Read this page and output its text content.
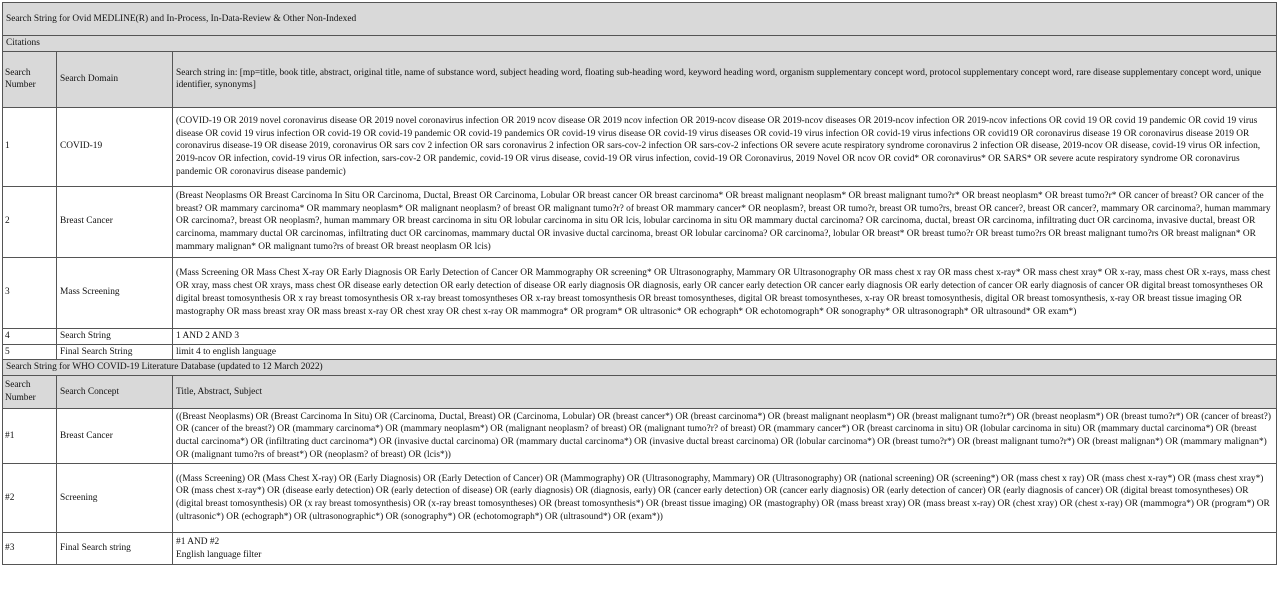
Search String for Ovid MEDLINE(R) and In-Process, In-Data-Review & Other Non-Indexed		
Citations		
Search Number	Search Domain	Search string in: [mp=title, book title, abstract, original title, name of substance word, subject heading word, floating sub-heading word, keyword heading word, organism supplementary concept word, protocol supplementary concept word, rare disease supplementary concept word, unique identifier, synonyms]
1	COVID-19	(COVID-19 OR 2019 novel coronavirus disease OR 2019 novel coronavirus infection OR 2019 ncov disease OR 2019 ncov infection OR 2019-ncov disease OR 2019-ncov diseases OR 2019-ncov infection OR 2019-ncov infections OR covid 19 OR covid 19 pandemic OR covid 19 virus disease OR covid 19 virus infection OR covid-19 OR covid-19 pandemic OR covid-19 pandemics OR covid-19 virus disease OR covid-19 virus diseases OR covid-19 virus infection OR covid-19 virus infections OR covid19 OR coronavirus disease 19 OR coronavirus disease 2019 OR coronavirus disease-19 OR disease 2019, coronavirus OR sars cov 2 infection OR sars coronavirus 2 infection OR sars-cov-2 infection OR sars-cov-2 infections OR severe acute respiratory syndrome coronavirus 2 infection OR disease, 2019-ncov OR disease, covid-19 virus OR infection, 2019-ncov OR infection, covid-19 virus OR infection, sars-cov-2 OR pandemic, covid-19 OR virus disease, covid-19 OR virus infection, covid-19 OR Coronavirus, 2019 Novel OR ncov OR covid* OR coronavirus* OR SARS* OR severe acute respiratory syndrome OR coronavirus pandemic OR coronavirus disease pandemic)
2	Breast Cancer	(Breast Neoplasms OR Breast Carcinoma In Situ OR Carcinoma, Ductal, Breast OR Carcinoma, Lobular OR breast cancer OR breast carcinoma* OR breast malignant neoplasm* OR breast malignant tumo?r* OR breast neoplasm* OR breast tumo?r* OR cancer of breast? OR cancer of the breast? OR mammary carcinoma* OR mammary neoplasm* OR malignant neoplasm? of breast OR malignant tumo?r? of breast OR mammary cancer* OR neoplasm?, breast OR tumo?r, breast OR tumo?rs, breast OR cancer?, breast OR cancer?, mammary OR carcinoma?, human mammary OR carcinoma?, breast OR neoplasm?, human mammary OR breast carcinoma in situ OR lobular carcinoma in situ OR lcis, lobular carcinoma in situ OR mammary ductal carcinoma? OR carcinoma, ductal, breast OR carcinoma, infiltrating duct OR carcinoma, invasive ductal, breast OR carcinoma, mammary ductal OR carcinomas, infiltrating duct OR carcinomas, mammary ductal OR invasive ductal carcinoma, breast OR lobular carcinoma? OR carcinoma?, lobular OR breast* OR breast tumo?r OR breast tumo?rs OR breast malignant tumo?rs OR breast malignan* OR mammary malignan* OR malignant tumo?rs of breast OR breast neoplasm OR lcis)
3	Mass Screening	(Mass Screening OR Mass Chest X-ray OR Early Diagnosis OR Early Detection of Cancer OR Mammography OR screening* OR Ultrasonography, Mammary OR Ultrasonography OR mass chest x ray OR mass chest x-ray* OR mass chest xray* OR x-ray, mass chest OR x-rays, mass chest OR xray, mass chest OR xrays, mass chest OR disease early detection OR early detection of disease OR early diagnosis OR diagnosis, early OR cancer early detection OR cancer early diagnosis OR early detection of cancer OR early diagnosis of cancer OR digital breast tomosyntheses OR digital breast tomosynthesis OR x ray breast tomosynthesis OR x-ray breast tomosyntheses OR x-ray breast tomosynthesis OR breast tomosyntheses, digital OR breast tomosyntheses, x-ray OR breast tomosynthesis, digital OR breast tomosynthesis, x-ray OR breast tissue imaging OR mastography OR mass breast xray OR mass breast x-ray OR chest xray OR chest x-ray OR mammogra* OR program* OR ultrasonic* OR echograph* OR echotomograph* OR sonography* OR ultrasonograph* OR ultrasound* OR exam*)
4	Search String	1 AND 2 AND 3
5	Final Search String	limit 4 to english language
Search String for WHO COVID-19 Literature Database (updated to 12 March 2022)		
Search Number	Search Concept	Title, Abstract, Subject
#1	Breast Cancer	((Breast Neoplasms) OR (Breast Carcinoma In Situ) OR (Carcinoma, Ductal, Breast) OR (Carcinoma, Lobular) OR (breast cancer*) OR (breast carcinoma*) OR (breast malignant neoplasm*) OR (breast malignant tumo?r*) OR (breast neoplasm*) OR (breast tumo?r*) OR (cancer of breast?) OR (cancer of the breast?) OR (mammary carcinoma*) OR (mammary neoplasm*) OR (malignant neoplasm? of breast) OR (malignant tumo?r? of breast) OR (mammary cancer*) OR (breast carcinoma in situ) OR (lobular carcinoma in situ) OR (mammary ductal carcinoma*) OR (breast ductal carcinoma*) OR (infiltrating duct carcinoma*) OR (invasive ductal carcinoma) OR (mammary ductal carcinoma*) OR (invasive ductal breast carcinoma) OR (lobular carcinoma*) OR (breast tumo?r*) OR (breast malignant tumo?r*) OR (breast malignan*) OR (mammary malignan*) OR (malignant tumo?rs of breast*) OR (neoplasm? of breast) OR (lcis*))
#2	Screening	((Mass Screening) OR (Mass Chest X-ray) OR (Early Diagnosis) OR (Early Detection of Cancer) OR (Mammography) OR (Ultrasonography, Mammary) OR (Ultrasonography) OR (national screening) OR (screening*) OR (mass chest x ray) OR (mass chest x-ray*) OR (mass chest xray*) OR (mass chest x-ray*) OR (disease early detection) OR (early detection of disease) OR (early diagnosis) OR (diagnosis, early) OR (cancer early detection) OR (cancer early diagnosis) OR (early detection of cancer) OR (early diagnosis of cancer) OR (digital breast tomosyntheses) OR (digital breast tomosynthesis) OR (x ray breast tomosynthesis) OR (x-ray breast tomosyntheses) OR (breast tomosynthesis*) OR (breast tissue imaging) OR (mastography) OR (mass breast xray) OR (mass breast x-ray) OR (chest xray) OR (chest x-ray) OR (mammogra*) OR (program*) OR (ultrasonic*) OR (echograph*) OR (ultrasonographic*) OR (sonography*) OR (echotomograph*) OR (ultrasound*) OR (exam*))
#3	Final Search string	#1 AND #2
English language filter
